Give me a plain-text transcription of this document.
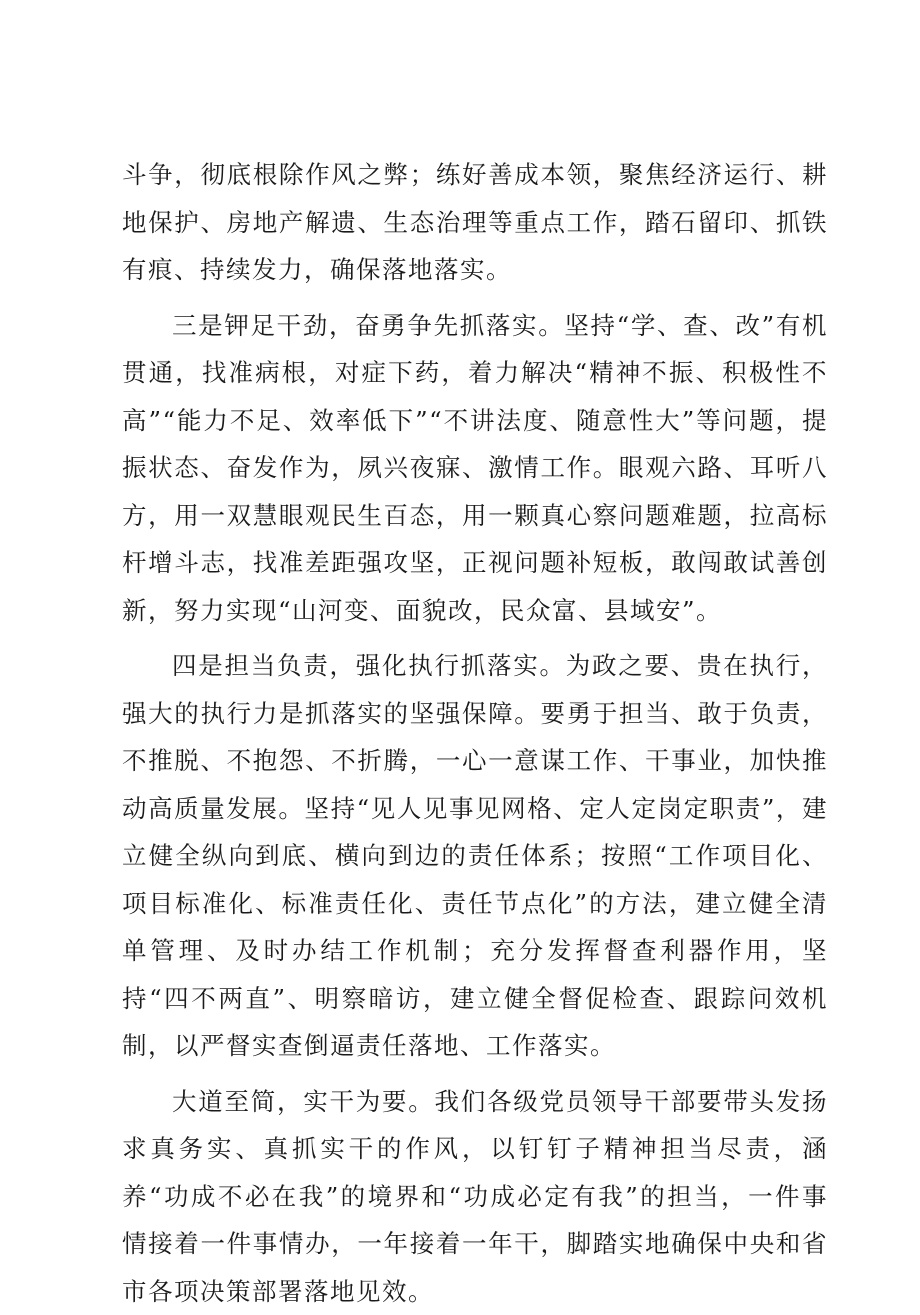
斗争，彻底根除作风之弊；练好善成本领，聚焦经济运行、耕地保护、房地产解遗、生态治理等重点工作，踏石留印、抓铁有痕、持续发力，确保落地落实。

三是钾足干劲，奋勇争先抓落实。坚持“学、查、改”有机贯通，找准病根，对症下药，着力解决“精神不振、积极性不高”“能力不足、效率低下”“不讲法度、随意性大”等问题，提振状态、奋发作为，夙兴夜寐、激情工作。眼观六路、耳听八方，用一双慧眼观民生百态，用一颗真心察问题难题，拉高标杆增斗志，找准差距强攻坚，正视问题补短板，敢闯敢试善创新，努力实现“山河变、面貌改，民众富、县域安”。

四是担当负责，强化执行抓落实。为政之要、贵在执行，强大的执行力是抓落实的坚强保障。要勇于担当、敢于负责，不推脱、不抱怨、不折腾，一心一意谋工作、干事业，加快推动高质量发展。坚持“见人见事见网格、定人定岗定职责”，建立健全纵向到底、横向到边的责任体系；按照“工作项目化、项目标准化、标准责任化、责任节点化”的方法，建立健全清单管理、及时办结工作机制；充分发挥督查利器作用，坚持“四不两直”、明察暗访，建立健全督促检查、跟踪问效机制，以严督实查倒逼责任落地、工作落实。

大道至简，实干为要。我们各级党员领导干部要带头发扬求真务实、真抓实干的作风，以钉钉子精神担当尽责，涵养“功成不必在我”的境界和“功成必定有我”的担当，一件事情接着一件事情办，一年接着一年干，脚踏实地确保中央和省市各项决策部署落地见效。
